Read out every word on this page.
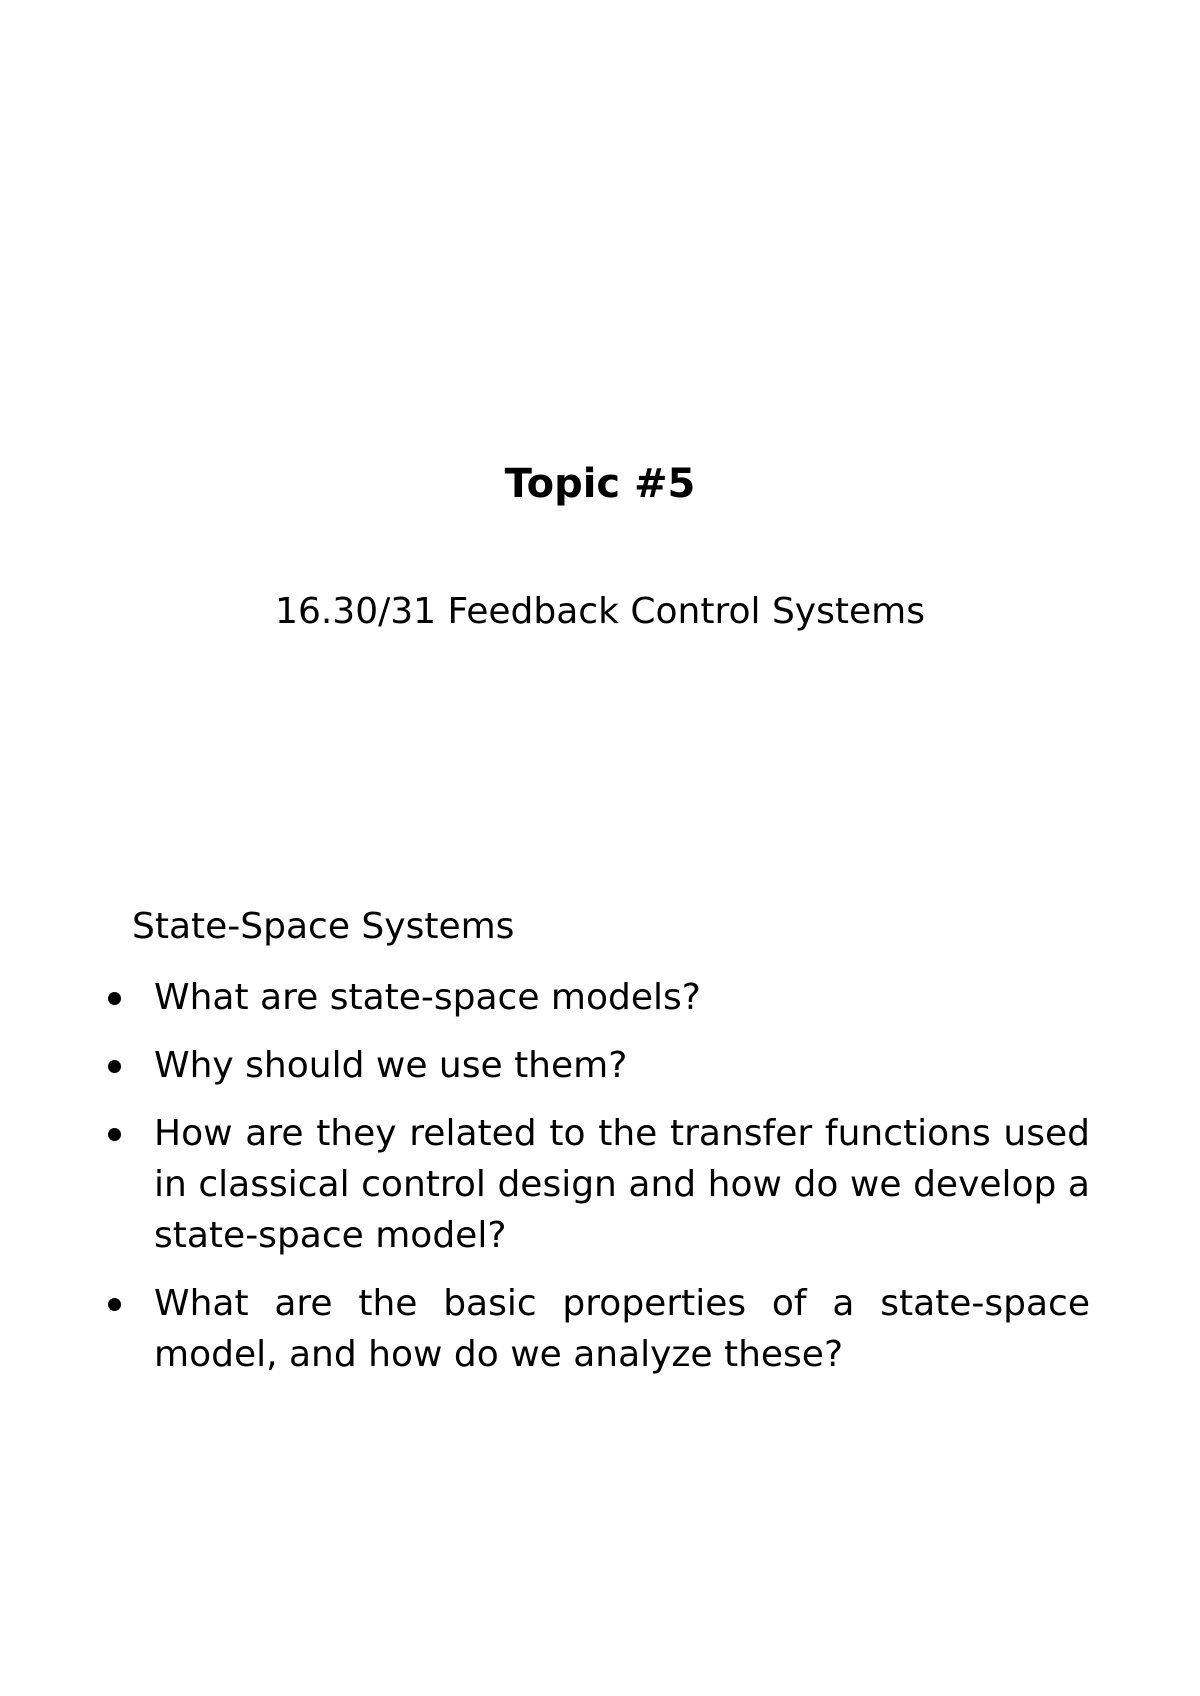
Topic #5
16.30/31 Feedback Control Systems
State-Space Systems
What are state-space models?
Why should we use them?
How are they related to the transfer functions used in classical control design and how do we develop a state-space model?
What are the basic properties of a state-space model, and how do we analyze these?
